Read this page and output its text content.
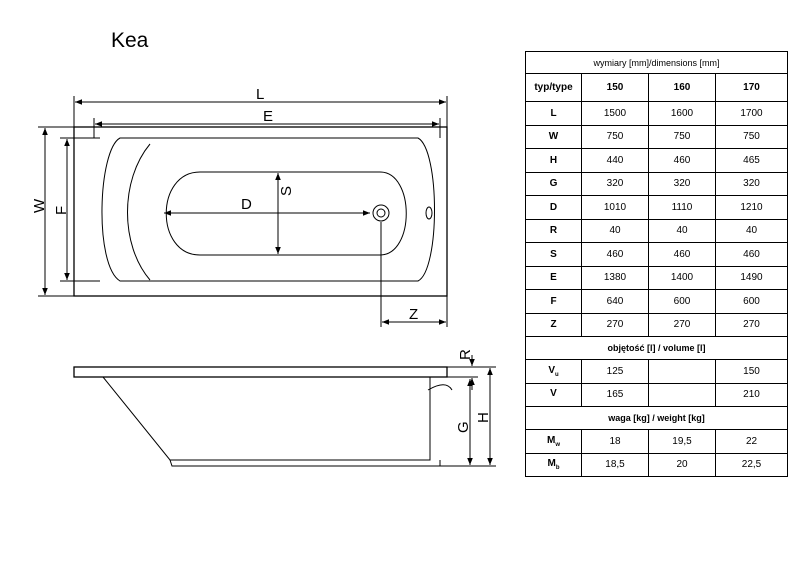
Kea
L
E
W F	D
S
Z
R
G
H
wymiary [mm]/dimensions [mm]			
typ/type	150	160	170
L	1500	1600	1700
W	750	750	750
H	440	460	465
G	320	320	320
D	1010	1110	1210
R	40	40	40
S	460	460	460
E	1380	1400	1490
F	640	600	600
Z	270	270	270
objętość [l] / volume [l]			
$V_u$	125		150
V	165		210
waga [kg] / weight [kg]			
$M_w$	18	19,5	22
$M_b$	18,5	20	22,5
